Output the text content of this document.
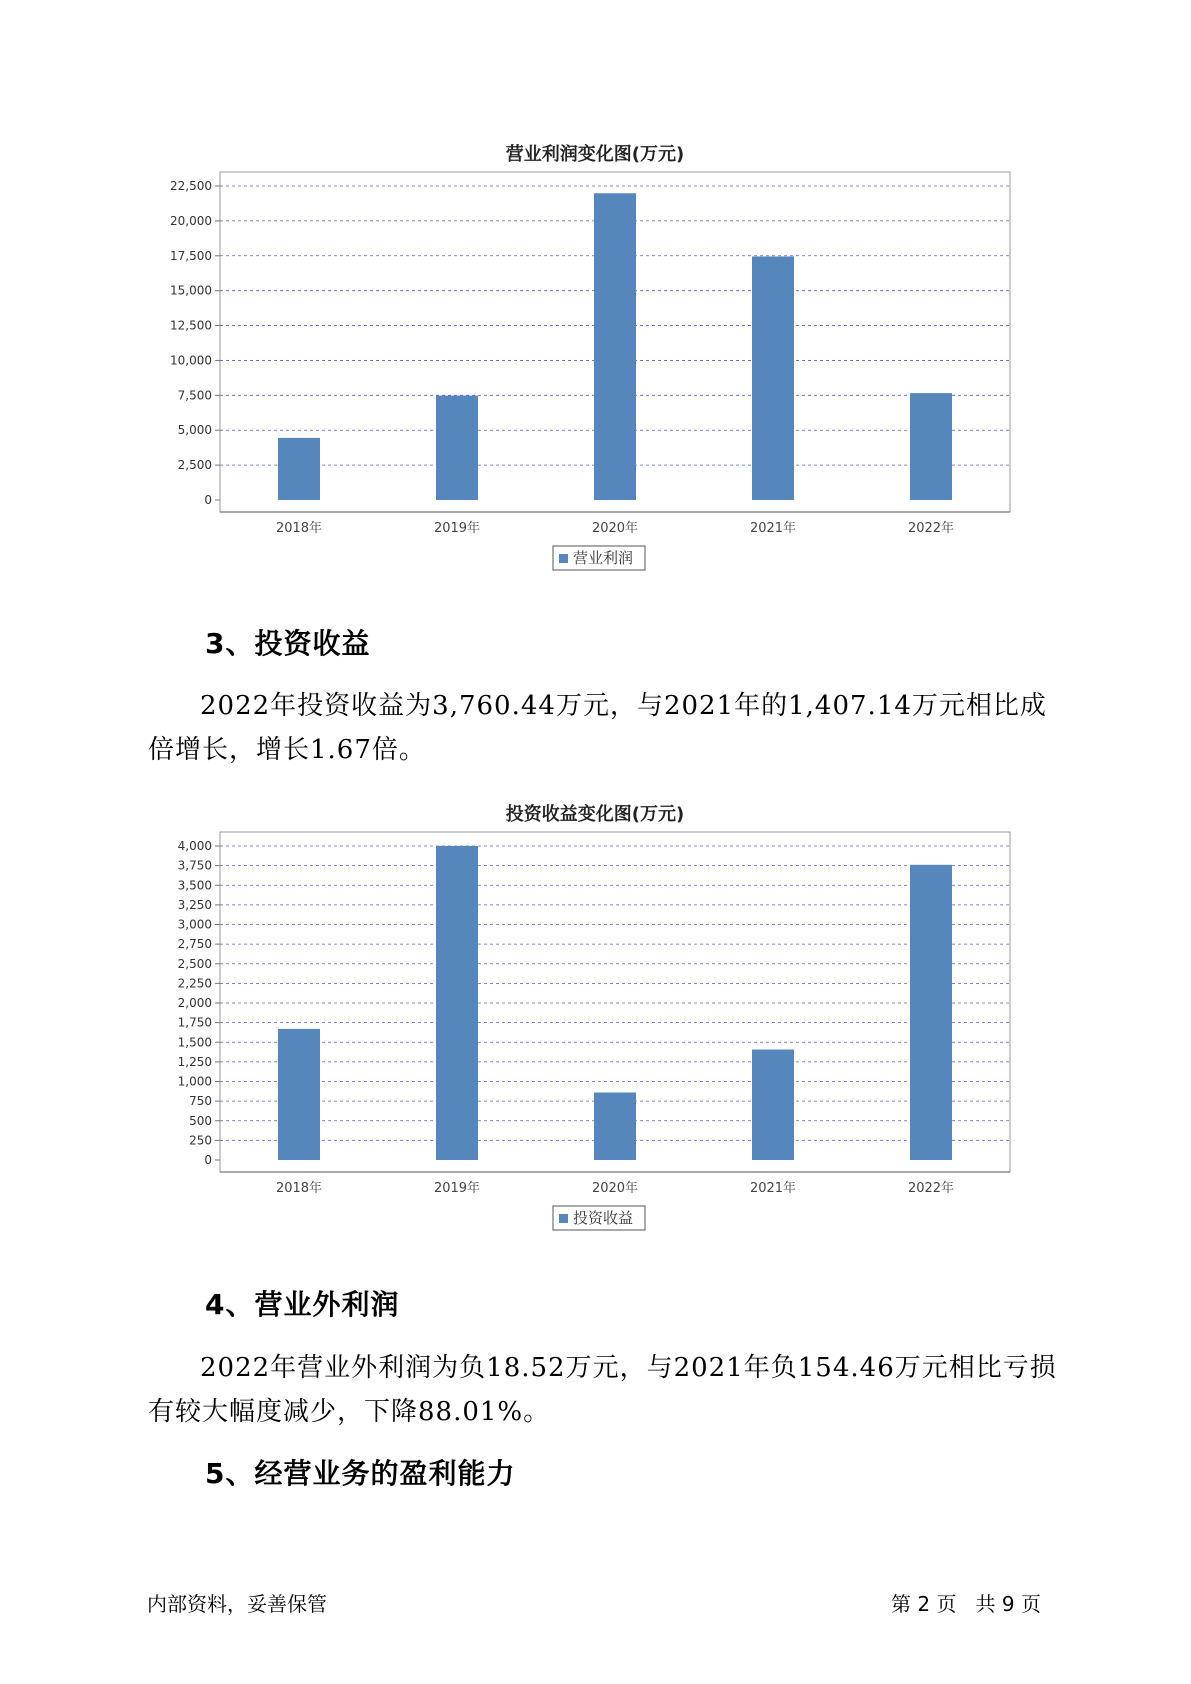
营业利润变化图(万元)
0
2,500
5,000
7,500
10,000
12,500
15,000
17,500
20,000
22,500
2018年	2019年	2020年	2021年	2022年
营业利润
3、投资收益

2022年投资收益为3,760.44万元，与2021年的1,407.14万元相比成倍增长，增长1.67倍。

投资收益变化图(万元)
0
250
500
750
1,000
1,250
1,500
1,750
2,000
2,250
2,500
2,750
3,000
3,250
3,500
3,750
4,000
2018年	2019年	2020年	2021年	2022年
投资收益
4、营业外利润

2022年营业外利润为负18.52万元，与2021年负154.46万元相比亏损有较大幅度减少，下降88.01%。

5、经营业务的盈利能力
内部资料，妥善保管	第 2 页   共 9 页
